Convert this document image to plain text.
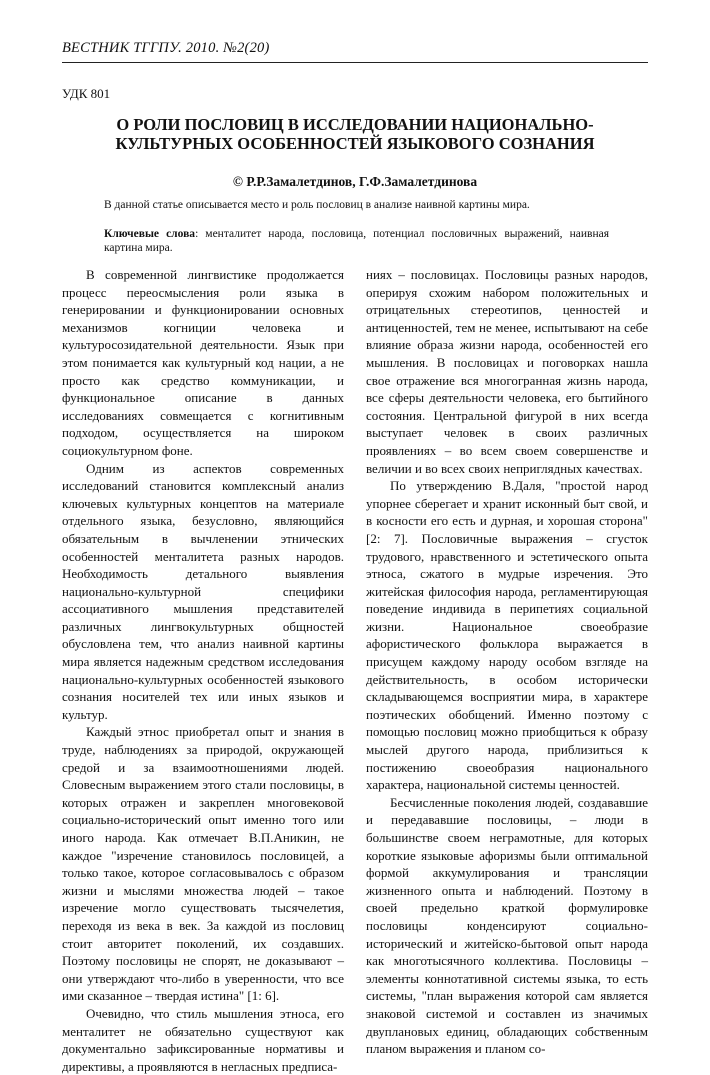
ВЕСТНИК ТГГПУ. 2010. №2(20)
УДК 801
О РОЛИ ПОСЛОВИЦ В ИССЛЕДОВАНИИ НАЦИОНАЛЬНО-
КУЛЬТУРНЫХ ОСОБЕННОСТЕЙ ЯЗЫКОВОГО СОЗНАНИЯ
© Р.Р.Замалетдинов, Г.Ф.Замалетдинова
В данной статье описывается место и роль пословиц в анализе наивной картины мира.
Ключевые слова: менталитет народа, пословица, потенциал пословичных выражений, наивная картина мира.

В современной лингвистике продолжается процесс переосмысления роли языка в генерировании и функционировании основных механизмов когниции человека и культуросозидательной деятельности. Язык при этом понимается как культурный код нации, а не просто как средство коммуникации, и функциональное описание в данных исследованиях совмещается с когнитивным подходом, осуществляется на широком социокультурном фоне.

Одним из аспектов современных исследований становится комплексный анализ ключевых культурных концептов на материале отдельного языка, безусловно, являющийся обязательным в вычленении этнических особенностей менталитета разных народов. Необходимость детального выявления национально-культурной специфики ассоциативного мышления представителей различных лингвокультурных общностей обусловлена тем, что анализ наивной картины мира является надежным средством исследования национально-культурных особенностей языкового сознания носителей тех или иных языков и культур.

Каждый этнос приобретал опыт и знания в труде, наблюдениях за природой, окружающей средой и за взаимоотношениями людей. Словесным выражением этого стали пословицы, в которых отражен и закреплен многовековой социально-исторический опыт именно того или иного народа. Как отмечает В.П.Аникин, не каждое "изречение становилось пословицей, а только такое, которое согласовывалось с образом жизни и мыслями множества людей – такое изречение могло существовать тысячелетия, переходя из века в век. За каждой из пословиц стоит авторитет поколений, их создавших. Поэтому пословицы не спорят, не доказывают – они утверждают что-либо в уверенности, что все ими сказанное – твердая истина" [1: 6].

Очевидно, что стиль мышления этноса, его менталитет не обязательно существуют как документально зафиксированные нормативы и директивы, а проявляются в негласных предписа-

ниях – пословицах. Пословицы разных народов, оперируя схожим набором положительных и отрицательных стереотипов, ценностей и антиценностей, тем не менее, испытывают на себе влияние образа жизни народа, особенностей его мышления. В пословицах и поговорках нашла свое отражение вся многогранная жизнь народа, все сферы деятельности человека, его бытийного состояния. Центральной фигурой в них всегда выступает человек в своих различных проявлениях – во всем своем совершенстве и величии и во всех своих неприглядных качествах.

По утверждению В.Даля, "простой народ упорнее сберегает и хранит исконный быт свой, и в косности его есть и дурная, и хорошая сторона" [2: 7]. Пословичные выражения – сгусток трудового, нравственного и эстетического опыта этноса, сжатого в мудрые изречения. Это житейская философия народа, регламентирующая поведение индивида в перипетиях социальной жизни. Национальное своеобразие афористического фольклора выражается в присущем каждому народу особом взгляде на действительность, в особом исторически складывающемся восприятии мира, в характере поэтических обобщений. Именно поэтому с помощью пословиц можно приобщиться к образу мыслей другого народа, приблизиться к постижению своеобразия национального характера, национальной системы ценностей.

Бесчисленные поколения людей, создававшие и передававшие пословицы, – люди в большинстве своем неграмотные, для которых короткие языковые афоризмы были оптимальной формой аккумулирования и трансляции жизненного опыта и наблюдений. Поэтому в своей предельно краткой формулировке пословицы конденсируют социально-исторический и житейско-бытовой опыт народа как многотысячного коллектива. Пословицы – элементы коннотативной системы языка, то есть системы, "план выражения которой сам является знаковой системой и составлен из значимых двуплановых единиц, обладающих собственным планом выражения и планом со-
